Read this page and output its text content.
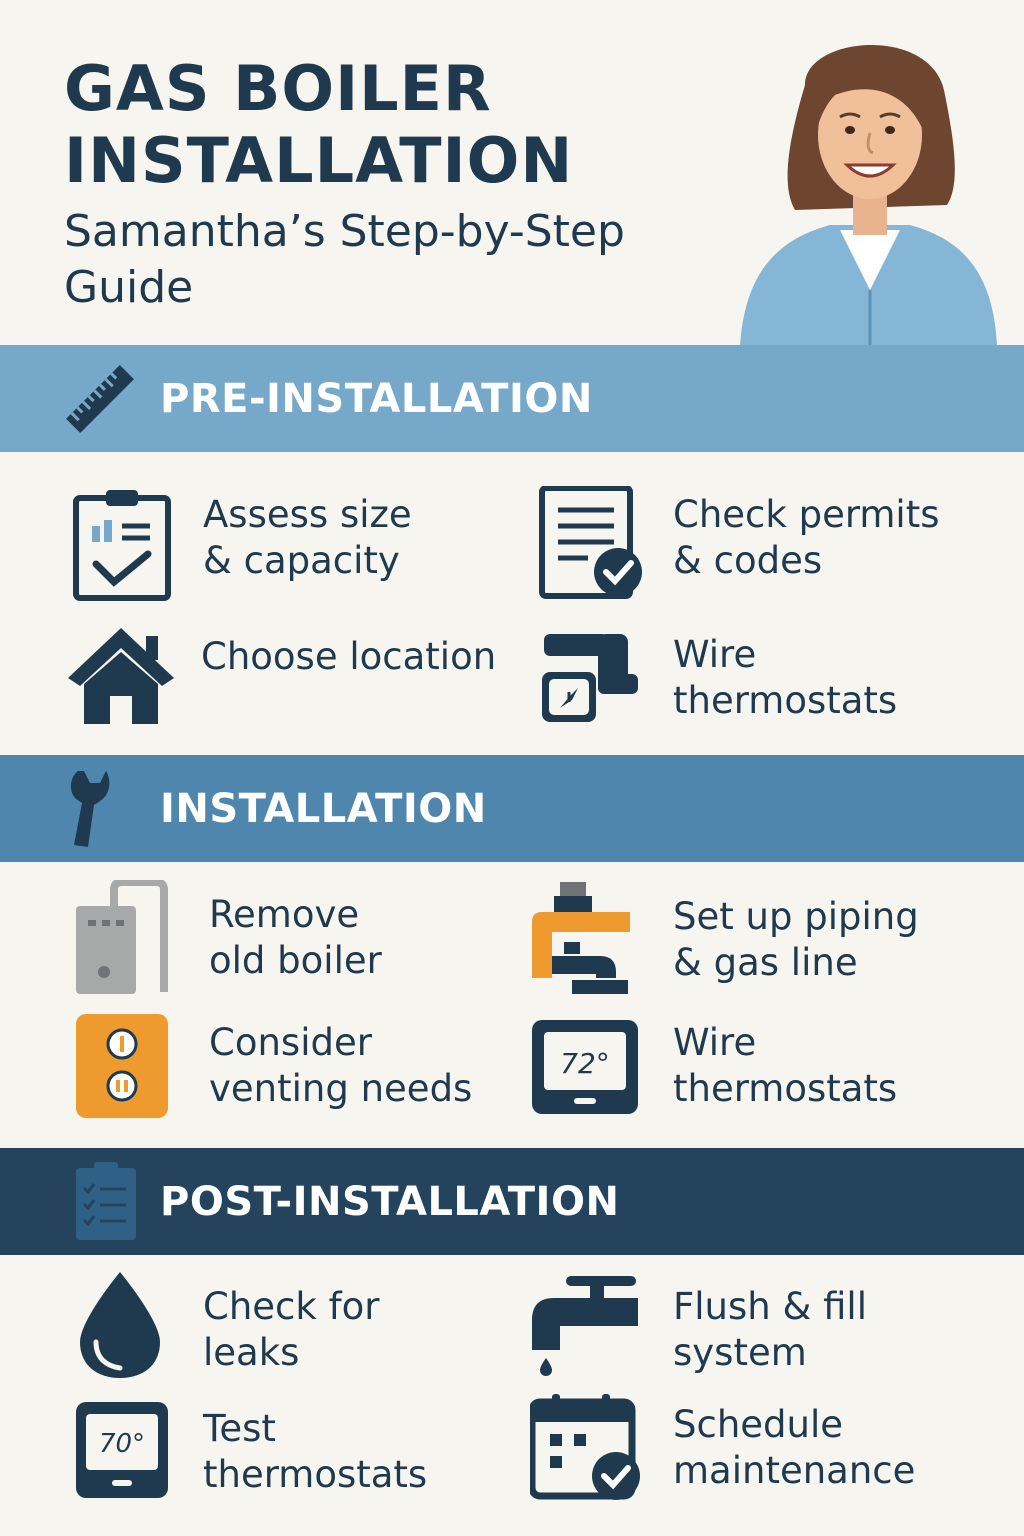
GAS BOILER
INSTALLATION
Samantha’s Step-by-Step Guide
PRE-INSTALLATION
Assess size
& capacity
Check permits
& codes
Choose location	Wire
thermostats
INSTALLATION
Remove
old boiler
Set up piping
& gas line
Consider
venting needs
72° Wire
thermostats
POST-INSTALLATION
Check for
leaks
Flush & fill
system
70° Test
thermostats
Schedule
maintenance
